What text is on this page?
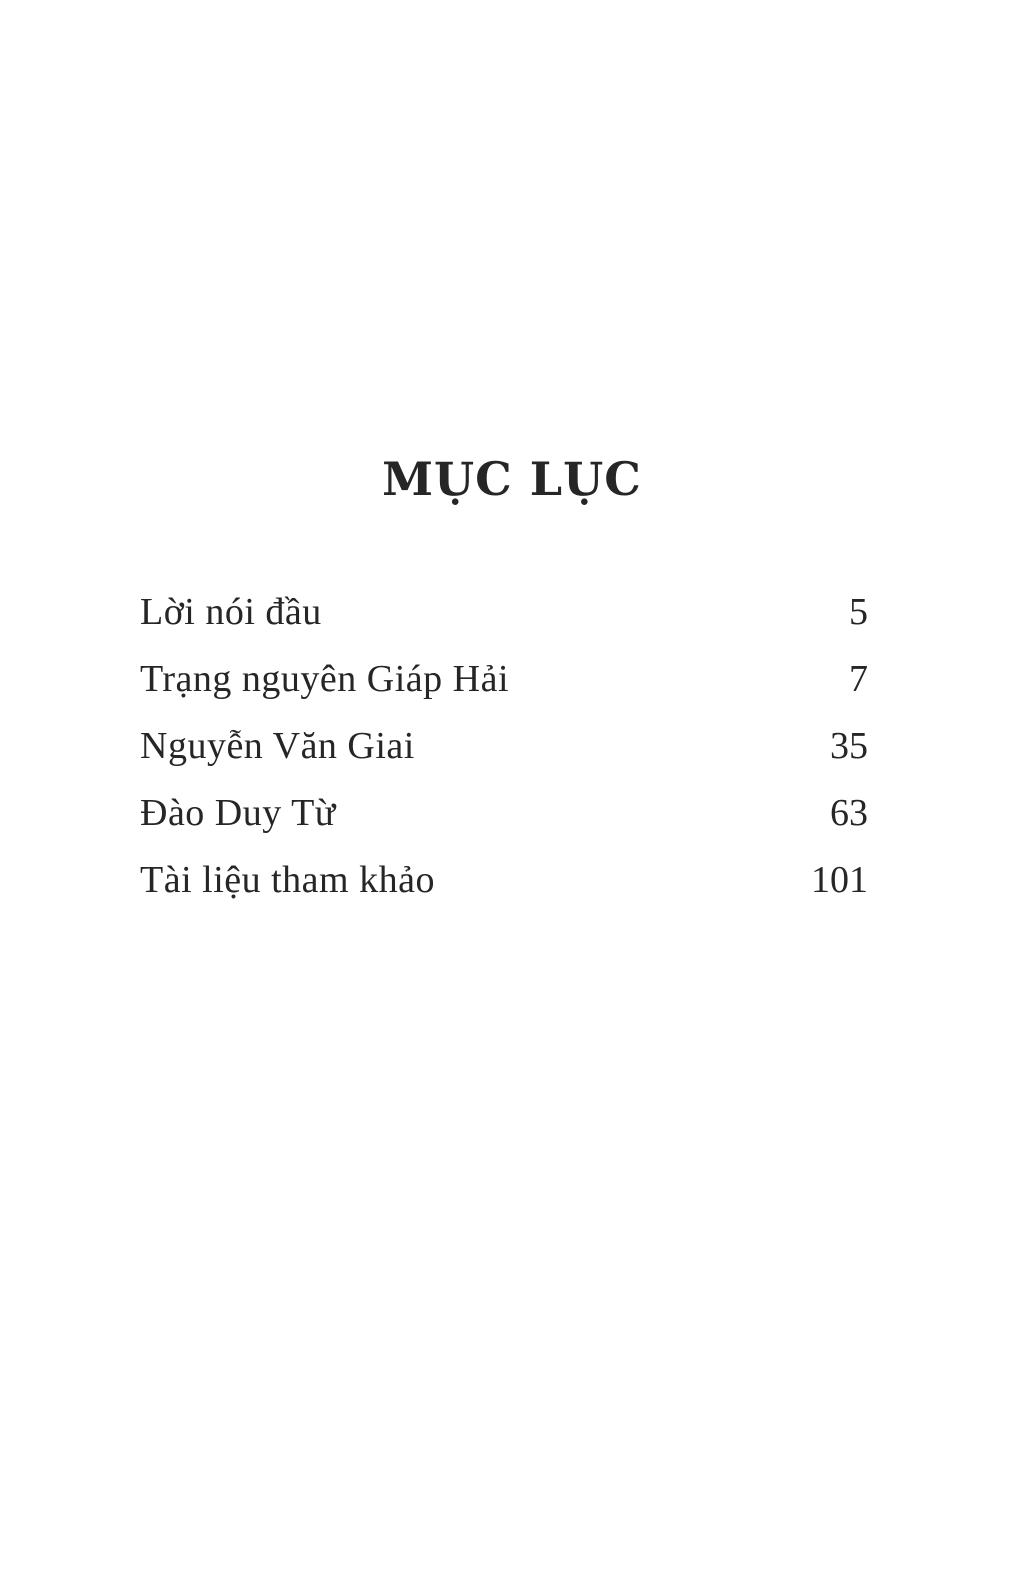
MỤC LỤC
Lời nói đầu	5
Trạng nguyên Giáp Hải	7
Nguyễn Văn Giai	35
Đào Duy Từ	63
Tài liệu tham khảo	101
